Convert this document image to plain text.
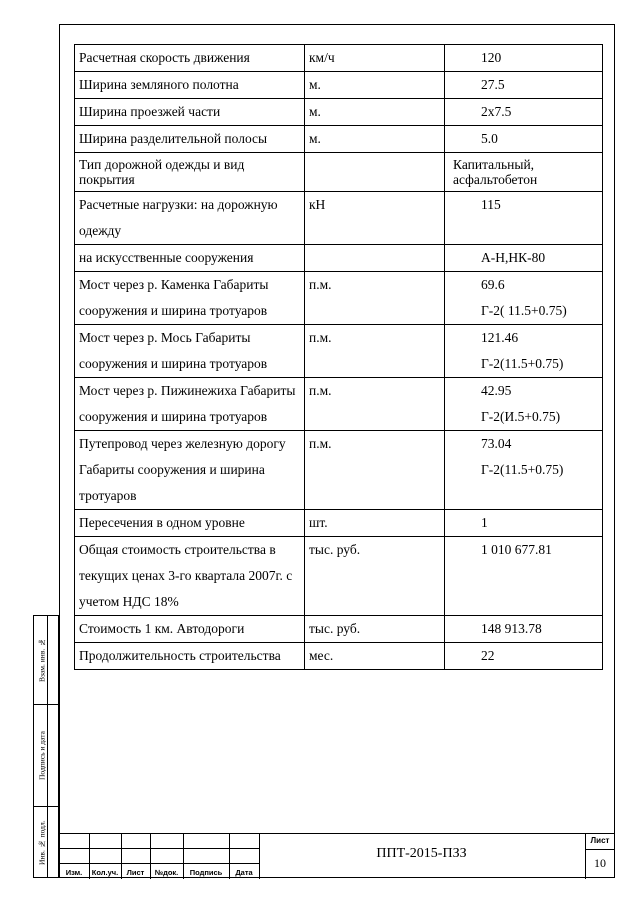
Расчетная скорость движения	км/ч	120
Ширина земляного полотна	м.	27.5
Ширина проезжей части	м.	2х7.5
Ширина разделительной полосы	м.	5.0
Тип дорожной одежды и вид покрытия		Капитальный, асфальтобетон
Расчетные нагрузки: на дорожную одежду	кН	115
на искусственные сооружения		А-Н,НК-80
Мост через р. Каменка Габариты сооружения и ширина тротуаров	п.м.	69.6
Г-2( 11.5+0.75)

Мост через р. Мось Габариты сооружения и ширина тротуаров	п.м.	121.46
Г-2(11.5+0.75)

Мост через р. Пижинежиха Габариты сооружения и ширина тротуаров	п.м.	42.95
Г-2(И.5+0.75)

Путепровод через железную дорогу Габариты сооружения и ширина тротуаров	п.м.	73.04
Г-2(11.5+0.75)

Пересечения в одном уровне	шт.	1
Общая стоимость строительства в текущих ценах 3-го квартала 2007г. с учетом НДС 18%	тыс. руб.	1 010 677.81
Стоимость 1 км. Автодороги	тыс. руб.	148 913.78
Продолжительность строительства	мес.	22
Взам. инв. №
Подпись и дата
Инв. № подл.
Изм.	Кол.уч.	Лист	№док.	Подпись	Дата
ППТ-2015-ПЗЗ
Лист
10
